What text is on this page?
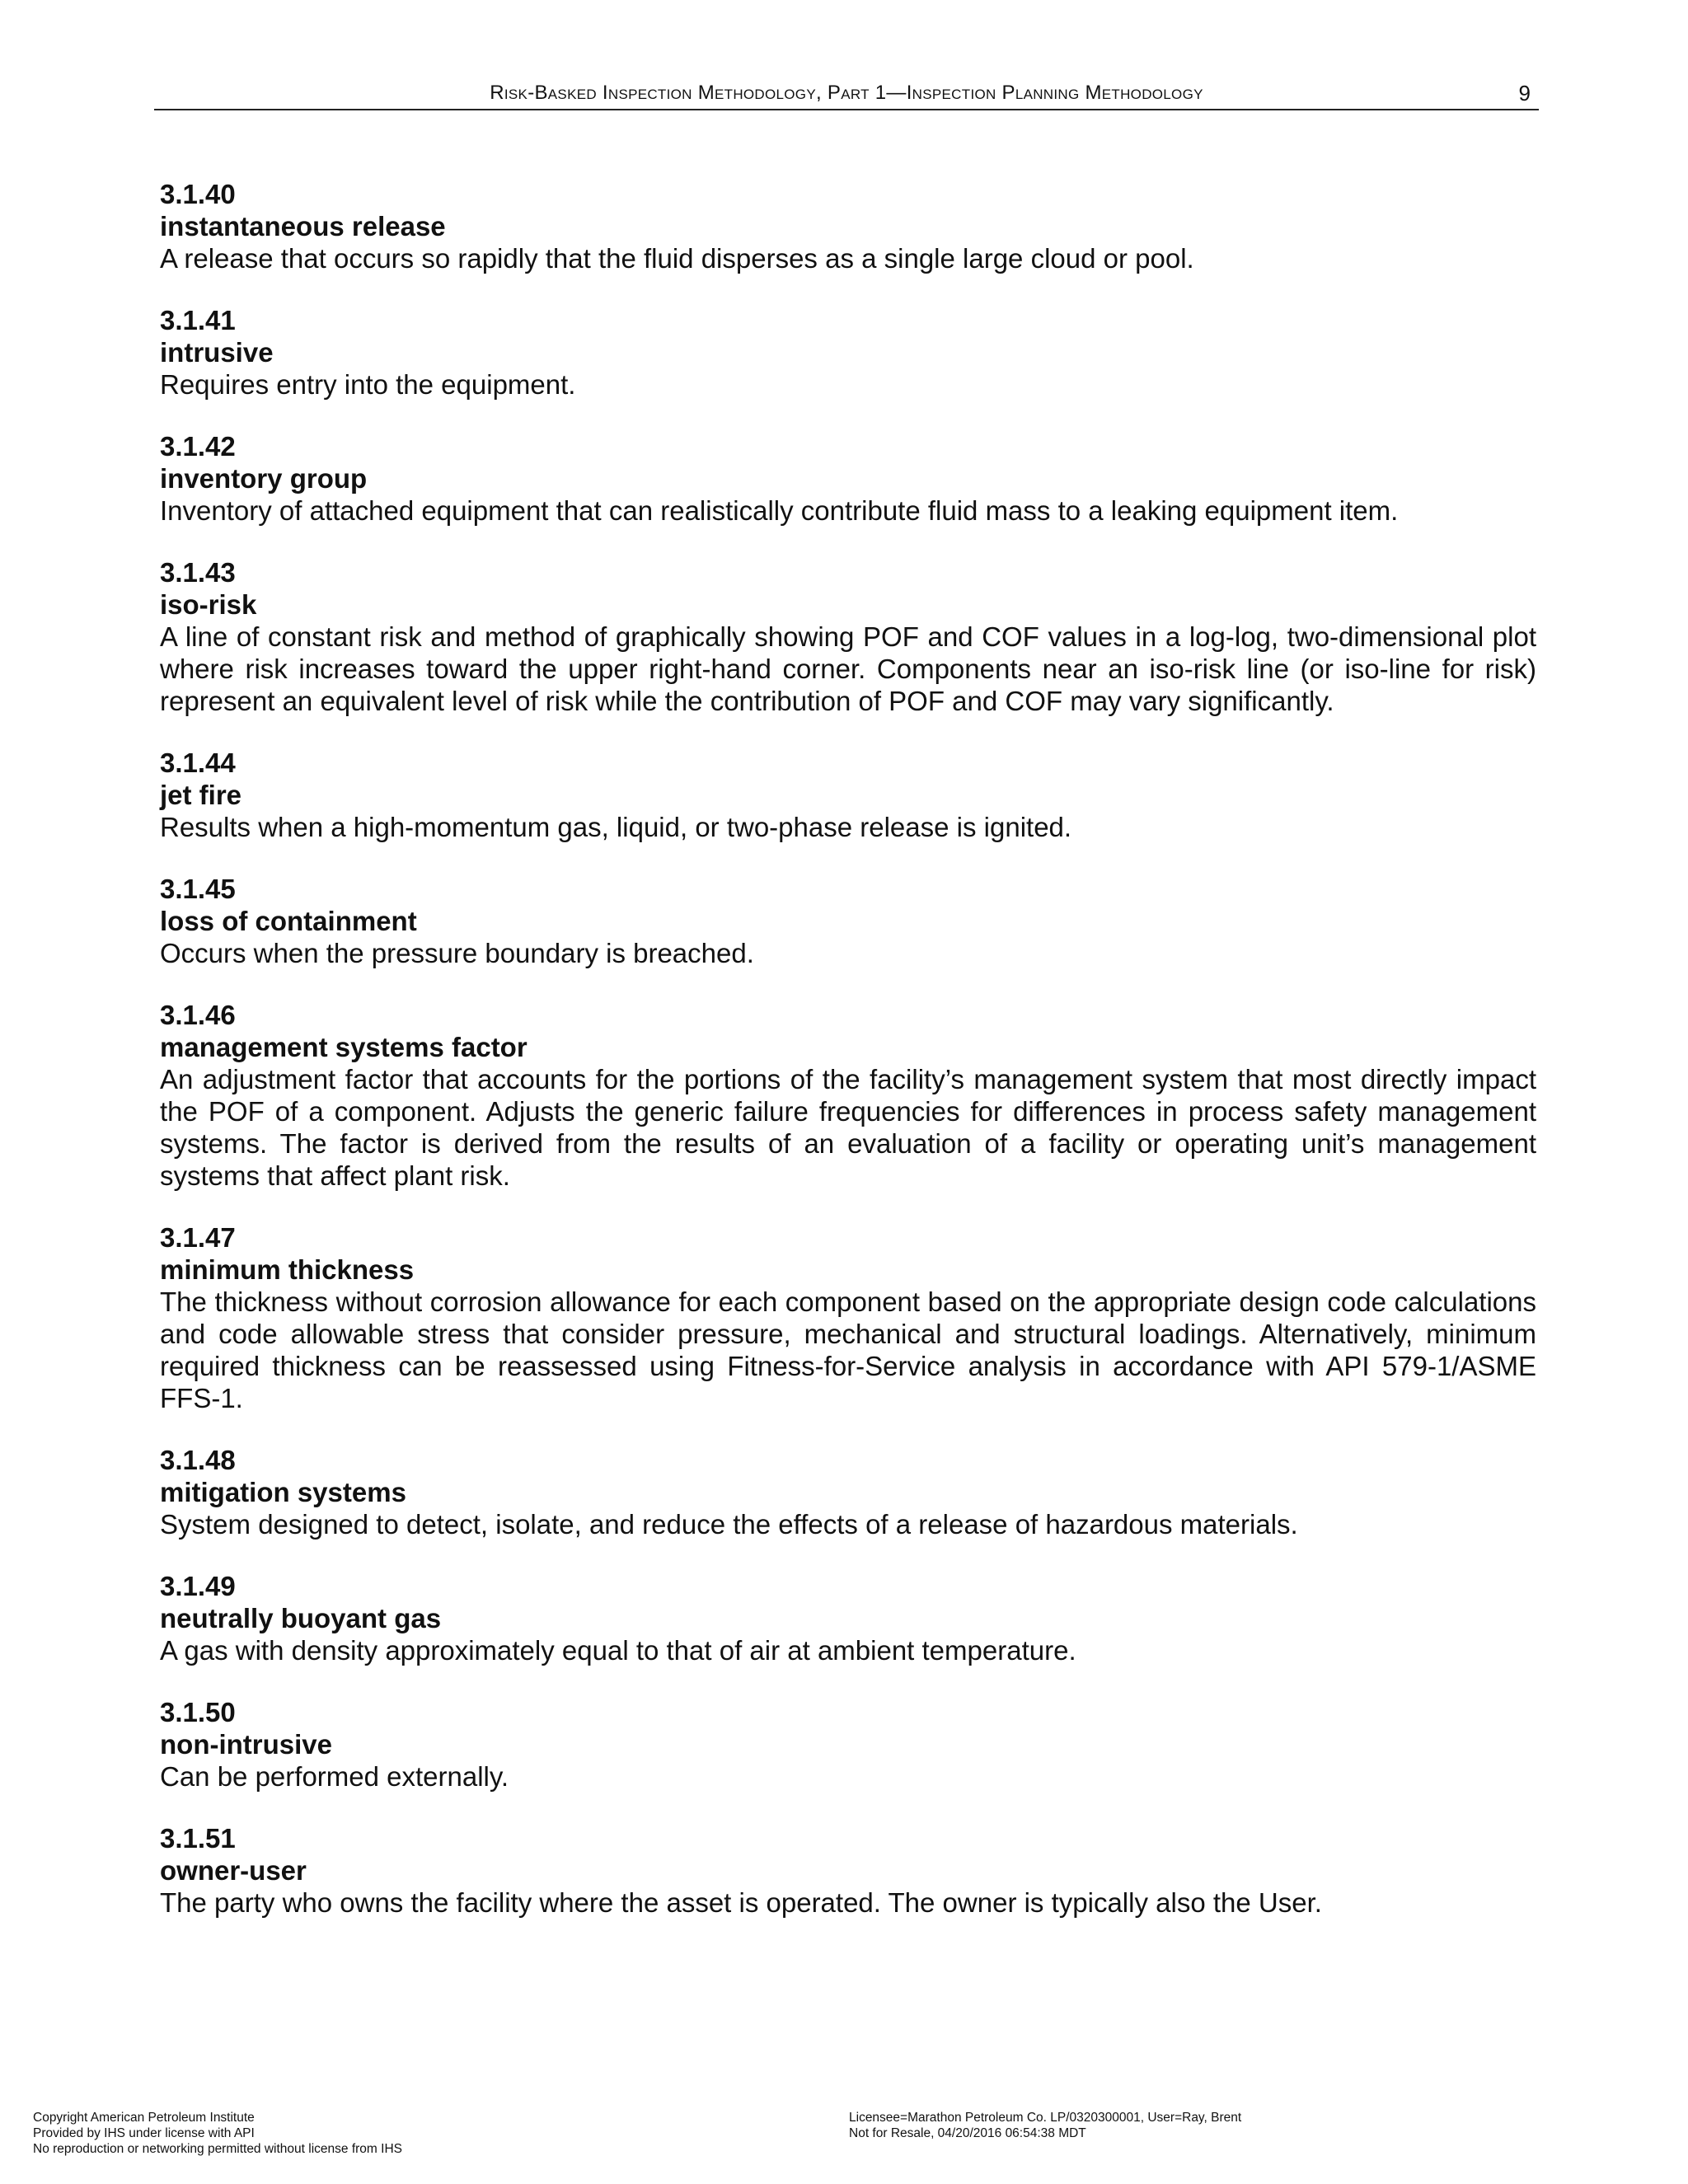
Risk-Basked Inspection Methodology, Part 1—Inspection Planning Methodology	9
3.1.40
instantaneous release
A release that occurs so rapidly that the fluid disperses as a single large cloud or pool.
3.1.41
intrusive
Requires entry into the equipment.
3.1.42
inventory group
Inventory of attached equipment that can realistically contribute fluid mass to a leaking equipment item.
3.1.43
iso-risk
A line of constant risk and method of graphically showing POF and COF values in a log-log, two-dimensional plot where risk increases toward the upper right-hand corner. Components near an iso-risk line (or iso-line for risk) represent an equivalent level of risk while the contribution of POF and COF may vary significantly.
3.1.44
jet fire
Results when a high-momentum gas, liquid, or two-phase release is ignited.
3.1.45
loss of containment
Occurs when the pressure boundary is breached.
3.1.46
management systems factor
An adjustment factor that accounts for the portions of the facility’s management system that most directly impact the POF of a component. Adjusts the generic failure frequencies for differences in process safety management systems. The factor is derived from the results of an evaluation of a facility or operating unit’s management systems that affect plant risk.
3.1.47
minimum thickness
The thickness without corrosion allowance for each component based on the appropriate design code calculations and code allowable stress that consider pressure, mechanical and structural loadings. Alternatively, minimum required thickness can be reassessed using Fitness-for-Service analysis in accordance with API 579-1/ASME FFS-1.
3.1.48
mitigation systems
System designed to detect, isolate, and reduce the effects of a release of hazardous materials.
3.1.49
neutrally buoyant gas
A gas with density approximately equal to that of air at ambient temperature.
3.1.50
non-intrusive
Can be performed externally.
3.1.51
owner-user
The party who owns the facility where the asset is operated. The owner is typically also the User.
Copyright American Petroleum Institute
Provided by IHS under license with API
No reproduction or networking permitted without license from IHS
Licensee=Marathon Petroleum Co. LP/0320300001, User=Ray, Brent
Not for Resale, 04/20/2016 06:54:38 MDT
